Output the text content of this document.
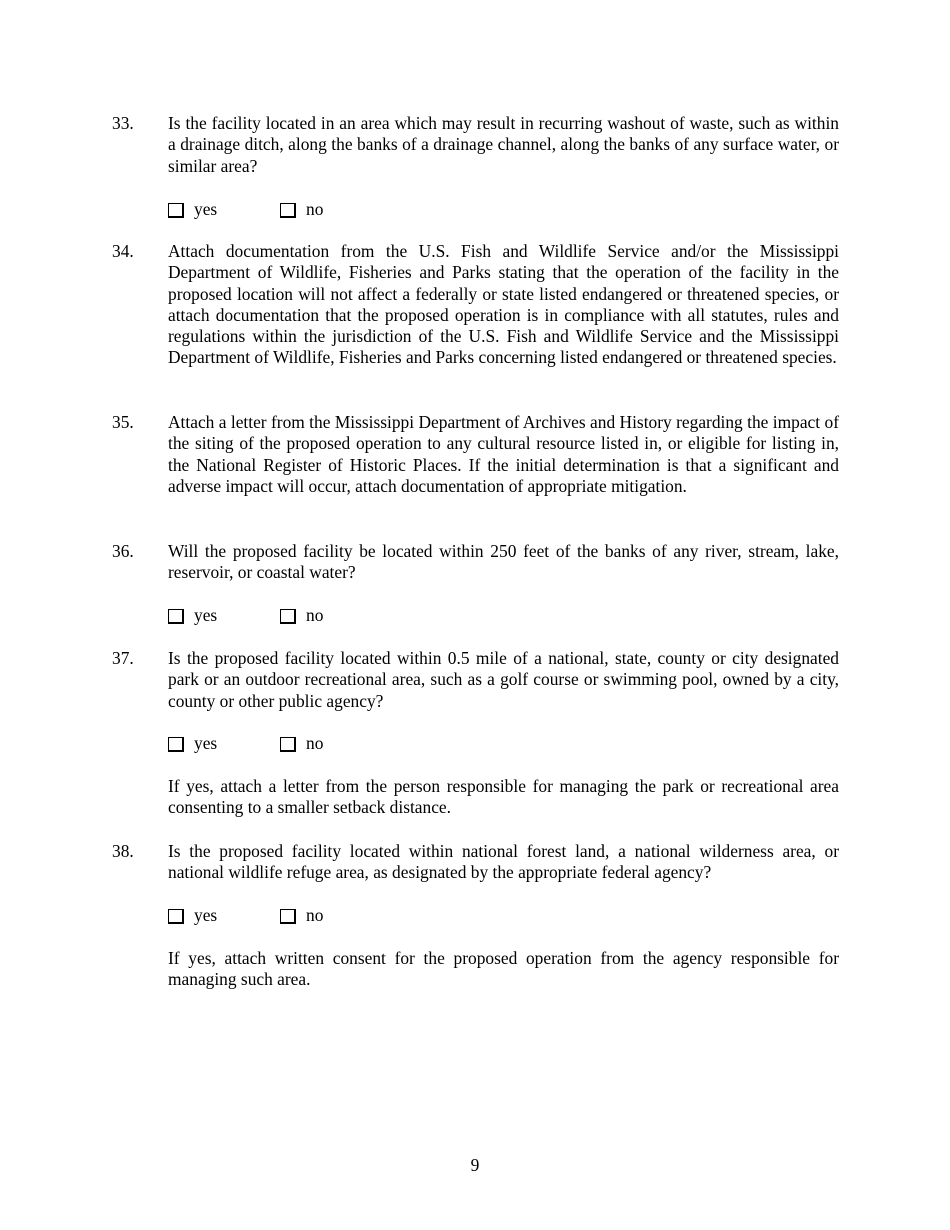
33. Is the facility located in an area which may result in recurring washout of waste, such as within a drainage ditch, along the banks of a drainage channel, along the banks of any surface water, or similar area?

yes	no
34. Attach documentation from the U.S. Fish and Wildlife Service and/or the Mississippi Department of Wildlife, Fisheries and Parks stating that the operation of the facility in the proposed location will not affect a federally or state listed endangered or threatened species, or attach documentation that the proposed operation is in compliance with all statutes, rules and regulations within the jurisdiction of the U.S. Fish and Wildlife Service and the Mississippi Department of Wildlife, Fisheries and Parks concerning listed endangered or threatened species.

35. Attach a letter from the Mississippi Department of Archives and History regarding the impact of the siting of the proposed operation to any cultural resource listed in, or eligible for listing in, the National Register of Historic Places. If the initial determination is that a significant and adverse impact will occur, attach documentation of appropriate mitigation.

36. Will the proposed facility be located within 250 feet of the banks of any river, stream, lake, reservoir, or coastal water?

yes	no
37. Is the proposed facility located within 0.5 mile of a national, state, county or city designated park or an outdoor recreational area, such as a golf course or swimming pool, owned by a city, county or other public agency?

yes	no
If yes, attach a letter from the person responsible for managing the park or recreational area consenting to a smaller setback distance.
38. Is the proposed facility located within national forest land, a national wilderness area, or national wildlife refuge area, as designated by the appropriate federal agency?

yes	no
If yes, attach written consent for the proposed operation from the agency responsible for managing such area.
9
